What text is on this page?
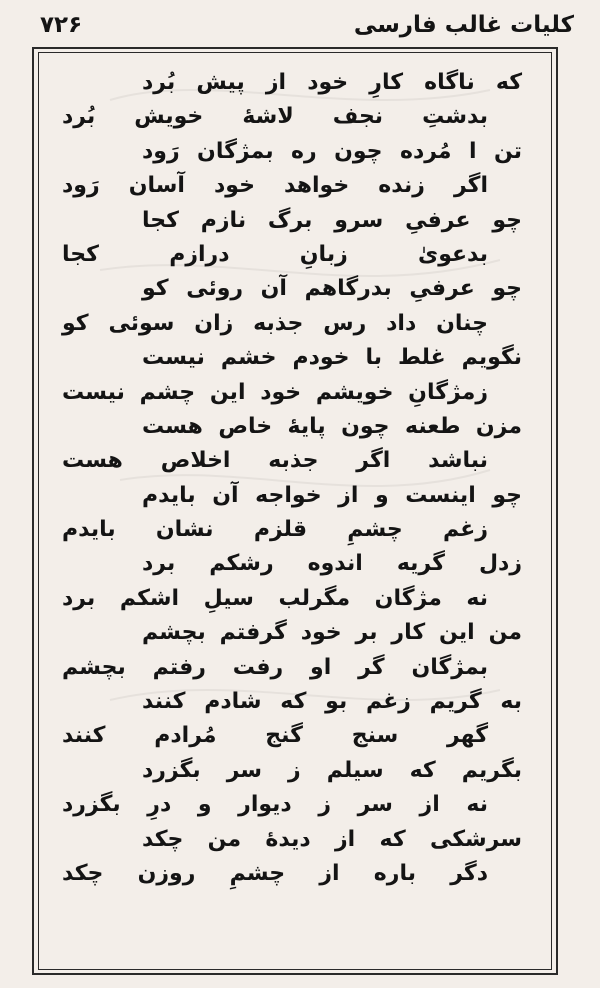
کلیات غالب فارسی
۷۲۶
که ناگاه کارِ خود از پیش بُرد
بدشتِ نجف لاشهٔ خویش بُرد
تن ا مُرده چون ره بمژگان رَود
اگر زنده خواهد خود آسان رَود
چو عرفیِ سرو برگ نازم کجا
بدعویٰ زبانِ درازم کجا
چو عرفیِ بدرگاهم آن روئی کو
چنان داد رس جذبه زان سوئی کو
نگویم غلط با خودم خشم نیست
زمژگانِ خویشم خود این چشم نیست
مزن طعنه چون پایهٔ خاص هست
نباشد اگر جذبه اخلاص هست
چو اینست و از خواجه آن بایدم
زغم چشمِ قلزم نشان بایدم
زدل گریه اندوه رشکم برد
نه مژگان مگرلب سیلِ اشکم برد
من این کار بر خود گرفتم بچشم
بمژگان گر او رفت رفتم بچشم
به گریم زغم بو که شادم کنند
گهر سنج گنج مُرادم کنند
بگریم که سیلم ز سر بگزرد
نه از سر ز دیوار و درِ بگزرد
سرشکی که از دیدهٔ من چکد
دگر باره از چشمِ روزن چکد
